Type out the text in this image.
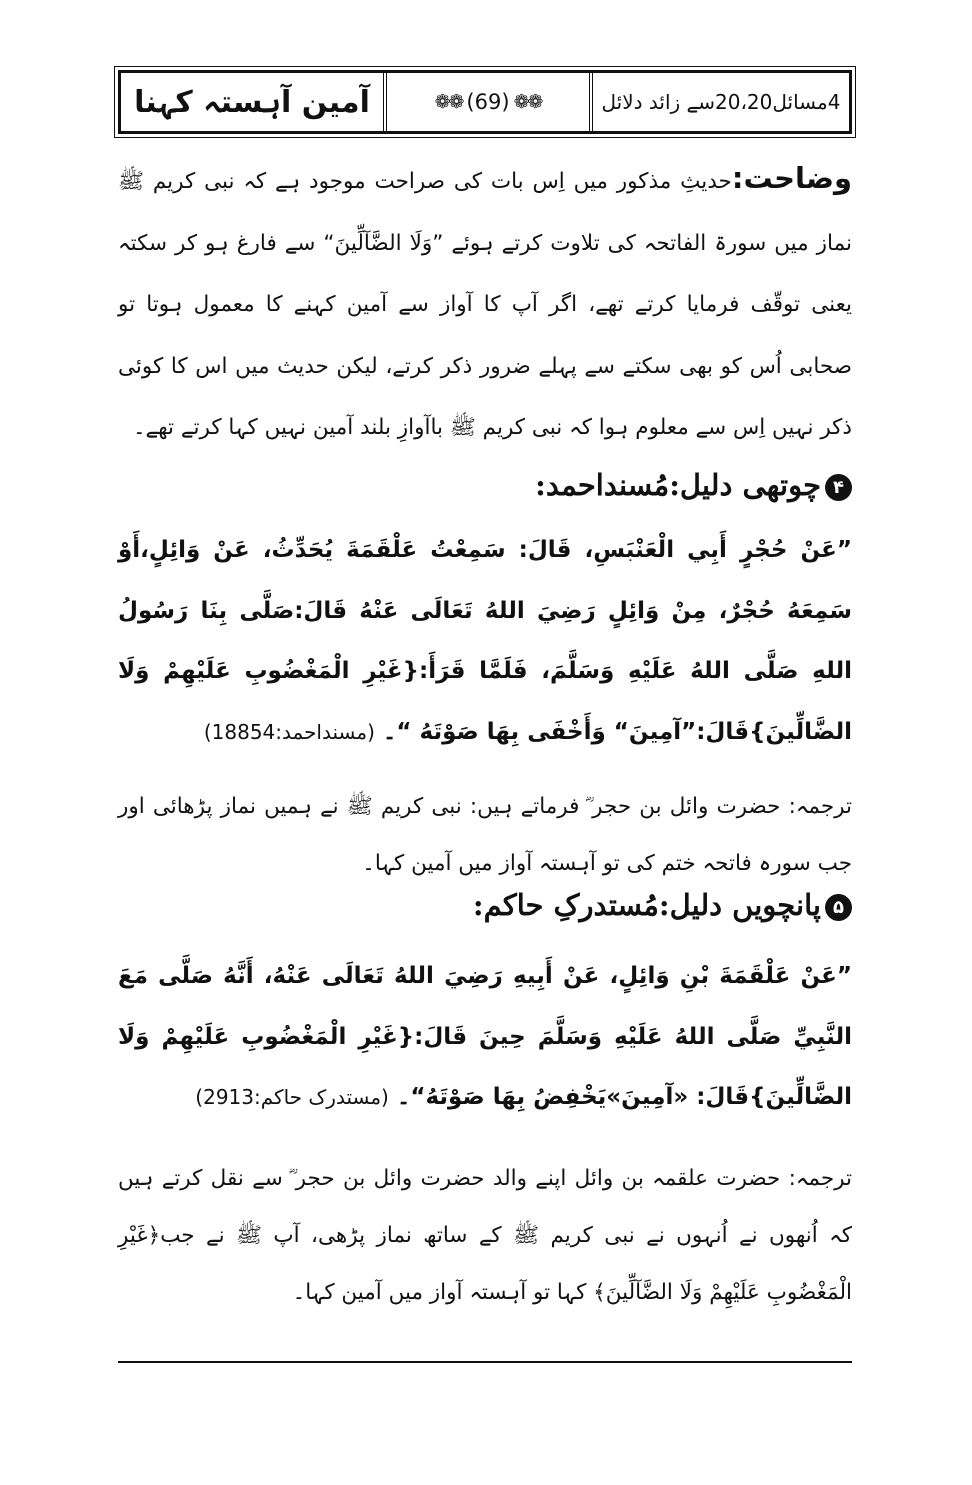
آمین آہستہ کہنا	❁❁ ( 69 ) ❁❁	4مسائل20،20سے زائد دلائل
وضاحت:حدیثِ مذکور میں اِس بات کی صراحت موجود ہے کہ نبی کریم ﷺ نماز میں سورۃ الفاتحہ کی تلاوت کرتے ہوئے ”وَلَا الضَّآلِّینَ“ سے فارغ ہو کر سکتہ یعنی توقّف فرمایا کرتے تھے، اگر آپ کا آواز سے آمین کہنے کا معمول ہوتا تو صحابی اُس کو بھی سکتے سے پہلے ضرور ذکر کرتے، لیکن حدیث میں اس کا کوئی ذکر نہیں اِس سے معلوم ہوا کہ نبی کریم ﷺ باآوازِ بلند آمین نہیں کہا کرتے تھے۔
۴چوتھی دلیل:مُسنداحمد:
”عَنْ حُجْرٍ أَبِي الْعَنْبَسِ، قَالَ: سَمِعْتُ عَلْقَمَةَ يُحَدِّثُ، عَنْ وَائِلٍ،أَوْ سَمِعَهُ حُجْرٌ، مِنْ وَائِلٍ رَضِيَ اللهُ تَعَالَى عَنْهُ قَالَ:صَلَّى بِنَا رَسُولُ اللهِ صَلَّى اللهُ عَلَيْهِ وَسَلَّمَ، فَلَمَّا قَرَأَ:{غَيْرِ الْمَغْضُوبِ عَلَيْهِمْ وَلَا الضَّالِّينَ}قَالَ:”آمِينَ“ وَأَخْفَى بِهَا صَوْتَهُ “۔ (مسنداحمد:18854)
ترجمہ: حضرت وائل بن حجر ؓ فرماتے ہیں: نبی کریم ﷺ نے ہمیں نماز پڑھائی اور جب سورہ فاتحہ ختم کی تو آہستہ آواز میں آمین کہا۔
۵پانچویں دلیل:مُستدرکِ حاکم:
”عَنْ عَلْقَمَةَ بْنِ وَائِلٍ، عَنْ أَبِيهِ رَضِيَ اللهُ تَعَالَى عَنْهُ، أَنَّهُ صَلَّى مَعَ النَّبِيِّ صَلَّى اللهُ عَلَيْهِ وَسَلَّمَ حِينَ قَالَ:{غَيْرِ الْمَغْضُوبِ عَلَيْهِمْ وَلَا الضَّالِّينَ}قَالَ: «آمِينَ»يَخْفِضُ بِهَا صَوْتَهُ“۔ (مستدرک حاکم:2913)
ترجمہ: حضرت علقمہ بن وائل اپنے والد حضرت وائل بن حجر ؓ سے نقل کرتے ہیں کہ اُنھوں نے اُنہوں نے نبی کریم ﷺ کے ساتھ نماز پڑھی، آپ ﷺ نے جب﴿غَيْرِ الْمَغْضُوبِ عَلَيْهِمْ وَلَا الضَّآلِّينَ﴾ کہا تو آہستہ آواز میں آمین کہا۔
